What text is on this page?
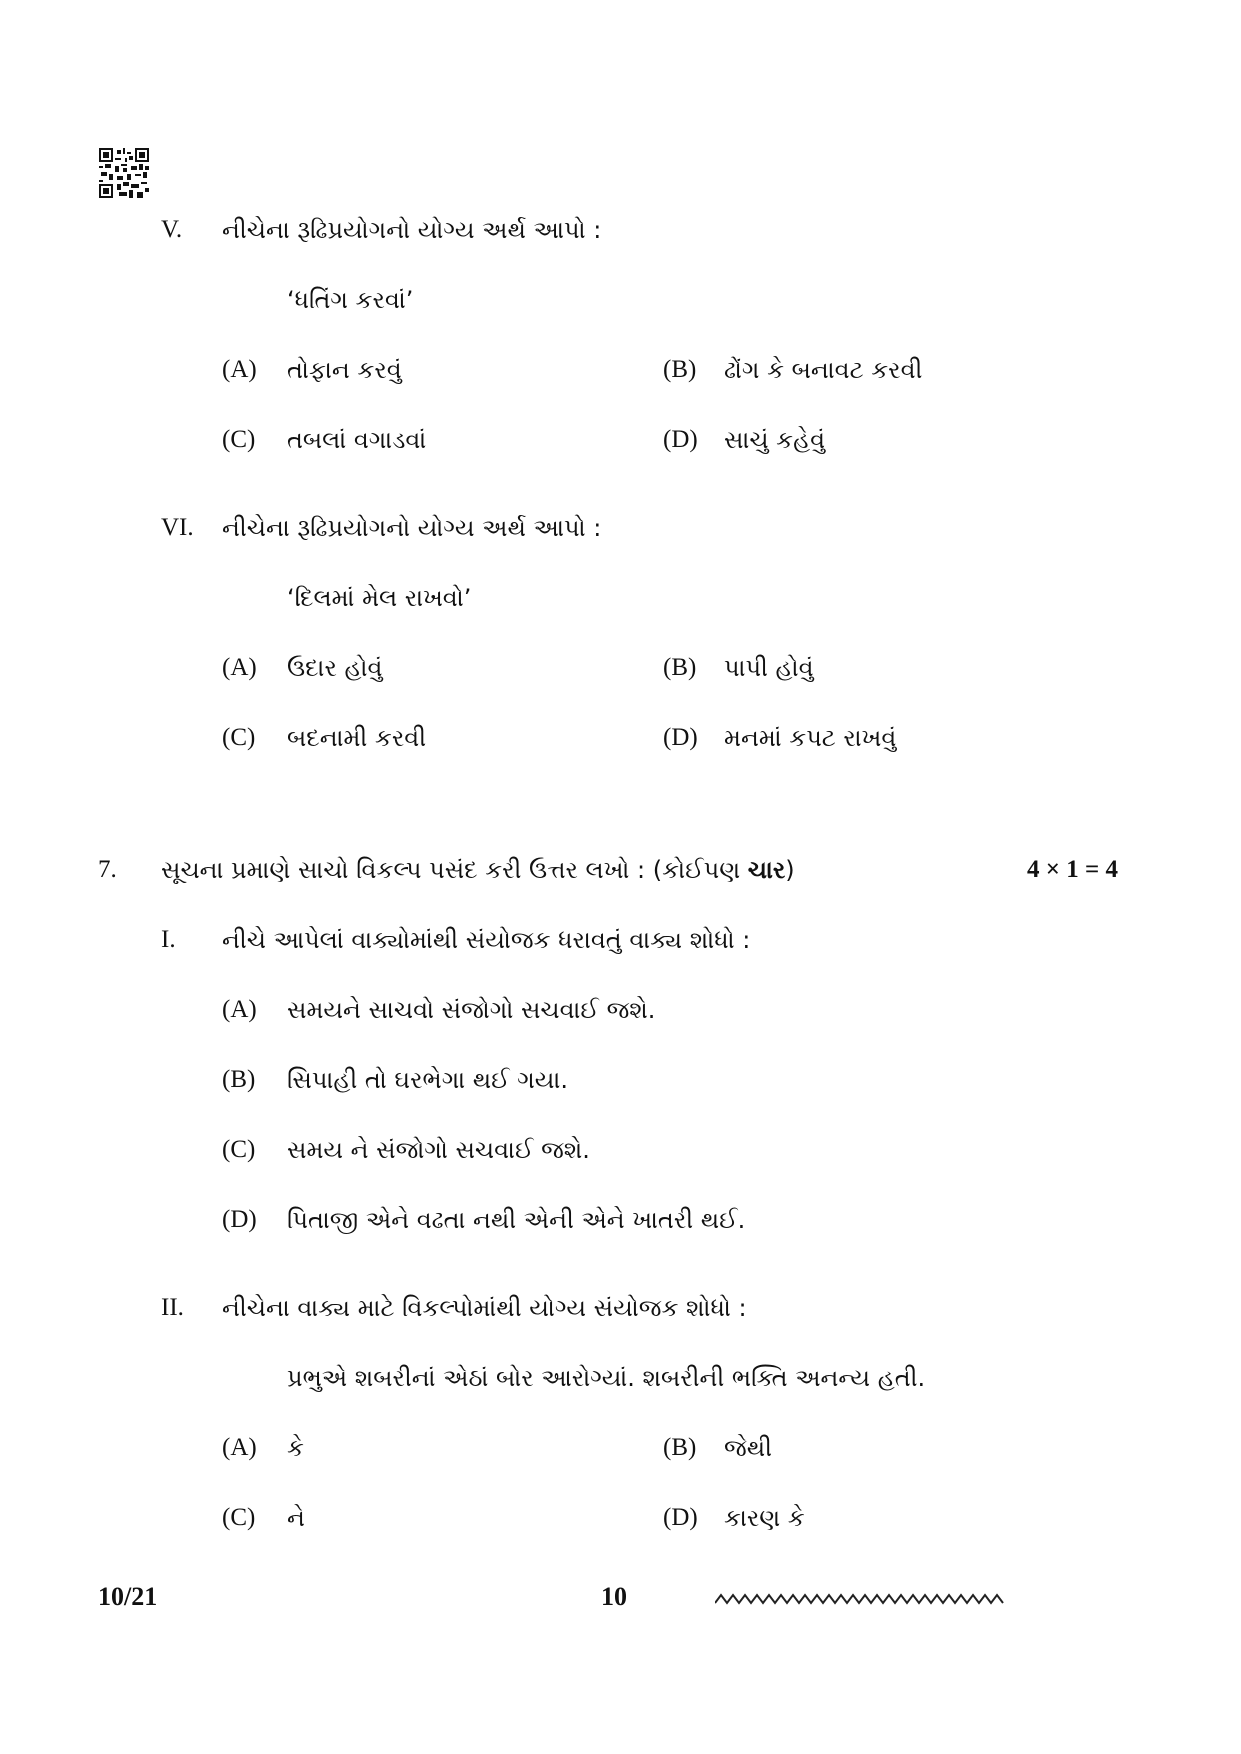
V. નીચેના રૂઢિપ્રયોગનો યોગ્ય અર્થ આપો :
‘ધતિંગ કરવાં’
(A) તોફાન કરવું	(B) ઢોંગ કે બનાવટ કરવી
(C) તબલાં વગાડવાં	(D) સાચું કહેવું
VI. નીચેના રૂઢિપ્રયોગનો યોગ્ય અર્થ આપો :
‘દિલમાં મેલ રાખવો’
(A) ઉદાર હોવું	(B) પાપી હોવું
(C) બદનામી કરવી	(D) મનમાં કપટ રાખવું
7. સૂચના પ્રમાણે સાચો વિકલ્પ પસંદ કરી ઉત્તર લખો : (કોઈપણ ચાર)	4 × 1 = 4
I. નીચે આપેલાં વાક્યોમાંથી સંયોજક ધરાવતું વાક્ય શોધો :
(A) સમયને સાચવો સંજોગો સચવાઈ જશે.
(B) સિપાહી તો ઘરભેગા થઈ ગયા.
(C) સમય ને સંજોગો સચવાઈ જશે.
(D) પિતાજી એને વઢતા નથી એની એને ખાતરી થઈ.
II. નીચેના વાક્ય માટે વિકલ્પોમાંથી યોગ્ય સંયોજક શોધો :
પ્રભુએ શબરીનાં એઠાં બોર આરોગ્યાં. શબરીની ભક્તિ અનન્ય હતી.
(A) કે	(B) જેથી
(C) ને	(D) કારણ કે
10/21	10
